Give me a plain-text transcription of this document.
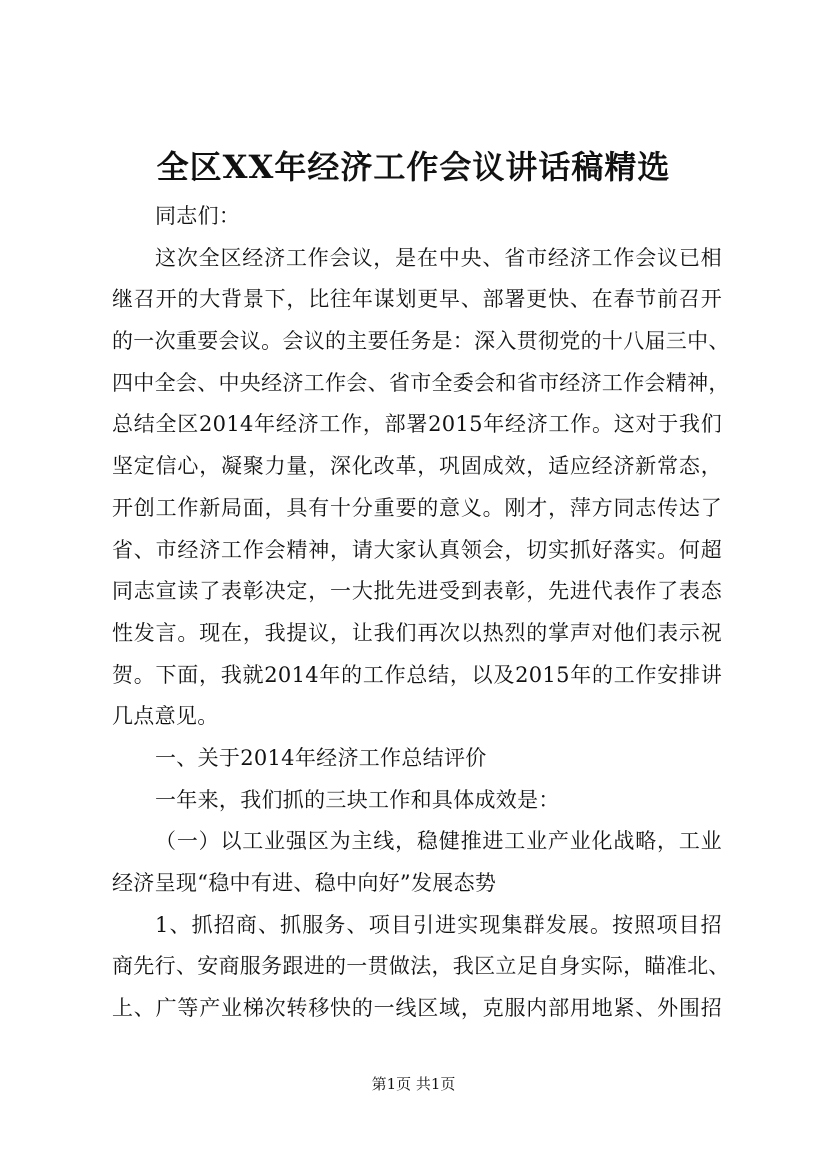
全区XX年经济工作会议讲话稿精选
同志们：
这次全区经济工作会议，是在中央、省市经济工作会议已相
继召开的大背景下，比往年谋划更早、部署更快、在春节前召开
的一次重要会议。会议的主要任务是：深入贯彻党的十八届三中、
四中全会、中央经济工作会、省市全委会和省市经济工作会精神，
总结全区2014年经济工作，部署2015年经济工作。这对于我们
坚定信心，凝聚力量，深化改革，巩固成效，适应经济新常态，
开创工作新局面，具有十分重要的意义。刚才，萍方同志传达了
省、市经济工作会精神，请大家认真领会，切实抓好落实。何超
同志宣读了表彰决定，一大批先进受到表彰，先进代表作了表态
性发言。现在，我提议，让我们再次以热烈的掌声对他们表示祝
贺。下面，我就2014年的工作总结，以及2015年的工作安排讲
几点意见。
一、关于2014年经济工作总结评价
一年来，我们抓的三块工作和具体成效是：
（一）以工业强区为主线，稳健推进工业产业化战略，工业
经济呈现“稳中有进、稳中向好”发展态势
1、抓招商、抓服务、项目引进实现集群发展。按照项目招
商先行、安商服务跟进的一贯做法，我区立足自身实际，瞄准北、
上、广等产业梯次转移快的一线区域，克服内部用地紧、外围招
第1页 共1页
